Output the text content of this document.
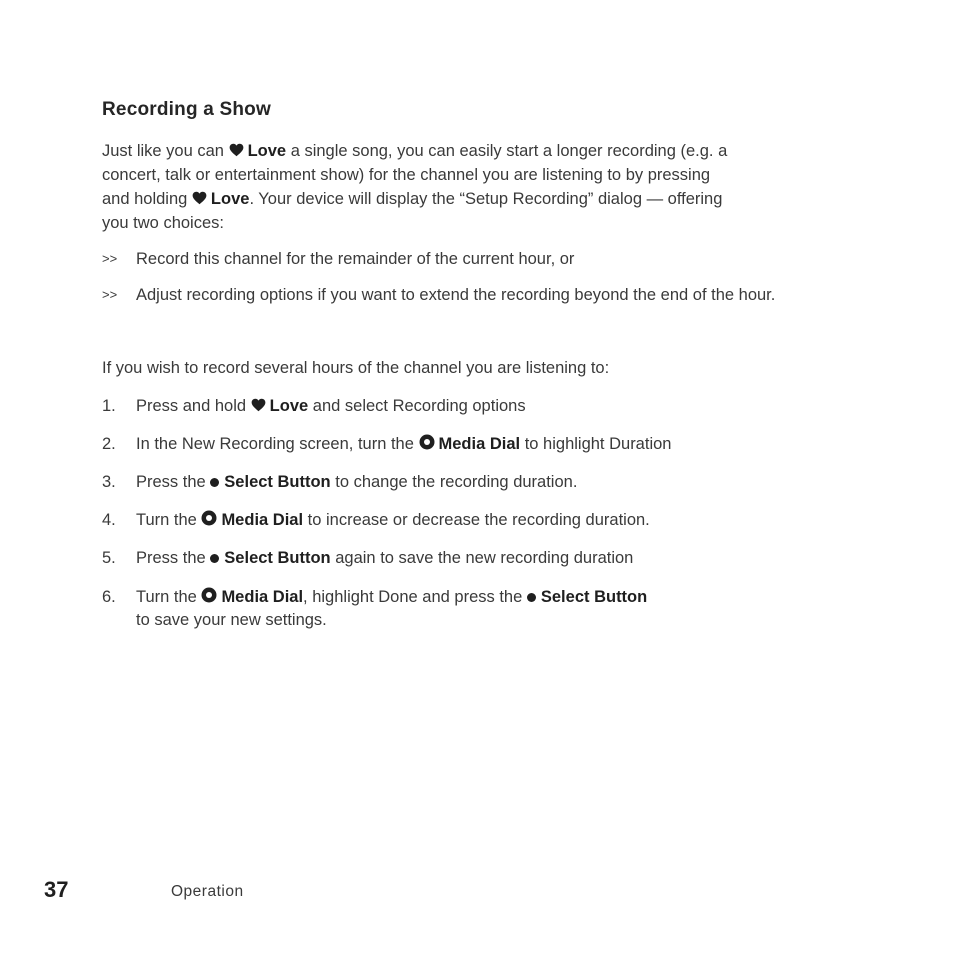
Recording a Show
Just like you can Love a single song, you can easily start a longer recording (e.g. a
concert, talk or entertainment show) for the channel you are listening to by pressing
and holding Love. Your device will display the “Setup Recording” dialog — offering
you two choices:
>> Record this channel for the remainder of the current hour, or
>> Adjust recording options if you want to extend the recording beyond the end of the hour.
If you wish to record several hours of the channel you are listening to:
1. Press and hold Love and select Recording options
2. In the New Recording screen, turn the Media Dial to highlight Duration
3. Press the Select Button to change the recording duration.
4. Turn the Media Dial to increase or decrease the recording duration.
5. Press the Select Button again to save the new recording duration
6. Turn the Media Dial, highlight Done and press the Select Button
to save your new settings.
37	Operation
